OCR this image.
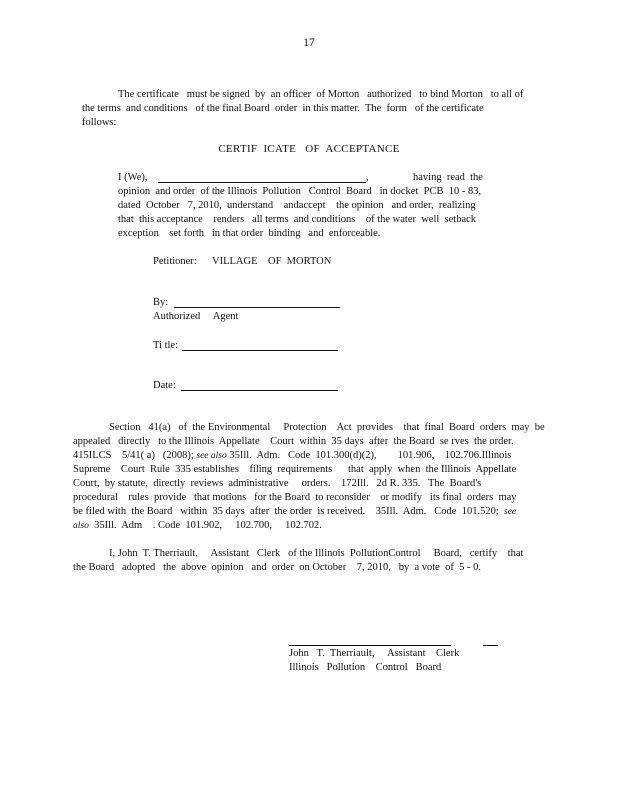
17
The certificate   must be signed  by  an officer  of Morton   authorized   to bind Morton   to all of
the terms  and conditions   of the final Board  order  in this matter.  The  form   of the certificate
follows:
CERTIF  ICATE   OF  ACCEPTANCE
I (We),	,	having  read  the
opinion  and order  of the Illinois  Pollution   Control  Board   in docket  PCB  10 - 83,
dated  October   7, 2010,  understand    andaccept    the opinion   and order,  realizing
that  this acceptance    renders   all terms  and conditions    of the water  well  setback
exception    set forth   in that order  binding   and  enforceable.
Petitioner: VILLAGE    OF  MORTON
By:
Authorized     Agent
Ti tle:
Date:
Section   41(a)   of  the Environmental     Protection    Act  provides    that  final  Board  orders  may  be
appealed   directly   to the Illinois  Appellate    Court  within  35 days  after  the Board  se rves  the order.
415ILCS    5/41( a)   (2008); see also 35Ill.  Adm.   Code  101.300(d)(2),        101.906,    102.706.Illinois
Supreme    Court  Rule  335 establishes    filing  requirements      that  apply  when  the Illinois  Appellate
Court,  by statute,  directly  reviews  administrative     orders.    172Ill.   2d R. 335.   The  Board's
procedural    rules  provide   that motions   for the Board  to reconsider    or modify   its final  orders  may
be filed with  the Board   within  35 days  after  the order  is received.    35Ill.  Adm.   Code  101.520; see
also 35Ill.  Adm    . Code  101.902,     102.700,     102.702.
I, John  T. Therriault,     Assistant   Clerk   of the Illinois  PollutionControl     Board,   certify    that
the Board   adopted   the  above  opinion   and  order  on October    7, 2010,   by  a vote  of  5 - 0.
John   T.  Therriault,     Assistant    Clerk
Illinois   Pollution    Control   Board
